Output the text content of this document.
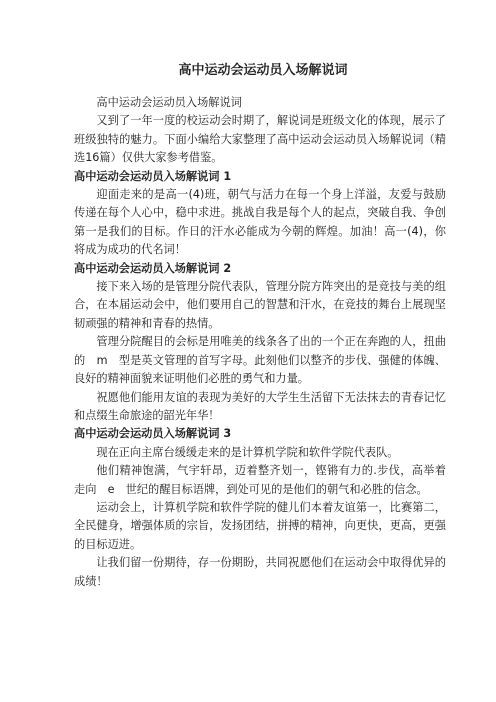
高中运动会运动员入场解说词
高中运动会运动员入场解说词
又到了一年一度的校运动会时期了，解说词是班级文化的体现，展示了班级独特的魅力。下面小编给大家整理了高中运动会运动员入场解说词（精选16篇）仅供大家参考借鉴。
高中运动会运动员入场解说词 1
迎面走来的是高一(4)班，朝气与活力在每一个身上洋溢，友爱与鼓励传递在每个人心中，稳中求进。挑战自我是每个人的起点，突破自我、争创第一是我们的目标。作日的汗水必能成为今朝的辉煌。加油！高一(4)，你将成为成功的代名词！
高中运动会运动员入场解说词 2
接下来入场的是管理分院代表队，管理分院方阵突出的是竞技与美的组合，在本届运动会中，他们要用自己的智慧和汗水，在竞技的舞台上展现坚韧顽强的精神和青春的热情。
管理分院醒目的会标是用唯美的线条各了出的一个正在奔跑的人，扭曲的　m　型是英文管理的首写字母。此刻他们以整齐的步伐、强健的体魄、良好的精神面貌来证明他们必胜的勇气和力量。
祝愿他们能用友谊的表现为美好的大学生生活留下无法抹去的青春记忆和点缀生命旅途的韶光年华！
高中运动会运动员入场解说词 3
现在正向主席台缓缓走来的是计算机学院和软件学院代表队。
他们精神饱满，气宇轩昂，迈着整齐划一，铿锵有力的.步伐，高举着走向　e　世纪的醒目标语牌，到处可见的是他们的朝气和必胜的信念。
运动会上，计算机学院和软件学院的健儿们本着友谊第一，比赛第二，全民健身，增强体质的宗旨，发扬团结，拼搏的精神，向更快，更高，更强的目标迈进。
让我们留一份期待，存一份期盼，共同祝愿他们在运动会中取得优异的成绩！
